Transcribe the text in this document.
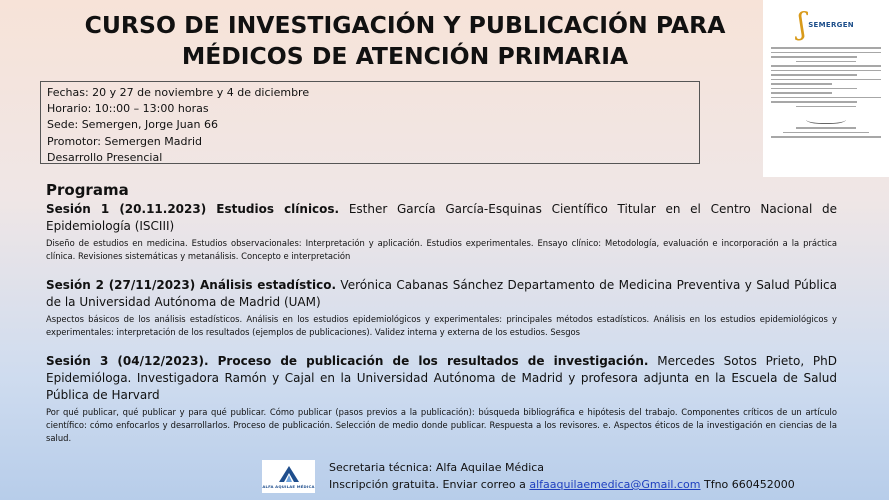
CURSO DE INVESTIGACIÓN Y PUBLICACIÓN PARA
MÉDICOS DE ATENCIÓN PRIMARIA
Fechas: 20 y 27 de noviembre y 4 de diciembre
Horario: 10::00 – 13:00 horas
Sede: Semergen, Jorge Juan 66
Promotor: Semergen Madrid
Desarrollo Presencial
ʃ SEMERGEN
Programa

Sesión 1 (20.11.2023) Estudios clínicos. Esther García García-Esquinas Científico Titular en el Centro Nacional de Epidemiología (ISCIII)

Diseño de estudios en medicina. Estudios observacionales: Interpretación y aplicación. Estudios experimentales. Ensayo clínico: Metodología, evaluación e incorporación a la práctica clínica. Revisiones sistemáticas y metanálisis. Concepto e interpretación

Sesión 2 (27/11/2023) Análisis estadístico. Verónica Cabanas Sánchez Departamento de Medicina Preventiva y Salud Pública de la Universidad Autónoma de Madrid (UAM)

Aspectos básicos de los análisis estadísticos. Análisis en los estudios epidemiológicos y experimentales: principales métodos estadísticos. Análisis en los estudios epidemiológicos y experimentales: interpretación de los resultados (ejemplos de publicaciones). Validez interna y externa de los estudios. Sesgos

Sesión 3 (04/12/2023). Proceso de publicación de los resultados de investigación. Mercedes Sotos Prieto, PhD Epidemióloga. Investigadora Ramón y Cajal en la Universidad Autónoma de Madrid y profesora adjunta en la Escuela de Salud Pública de Harvard

Por qué publicar, qué publicar y para qué publicar. Cómo publicar (pasos previos a la publicación): búsqueda bibliográfica e hipótesis del trabajo. Componentes críticos de un artículo científico: cómo enfocarlos y desarrollarlos. Proceso de publicación. Selección de medio donde publicar. Respuesta a los revisores. e. Aspectos éticos de la investigación en ciencias de la salud.

ALFA AQUILAE MÉDICA
Secretaria técnica: Alfa Aquilae Médica
Inscripción gratuita. Enviar correo a alfaaquilaemedica@Gmail.com Tfno 660452000
